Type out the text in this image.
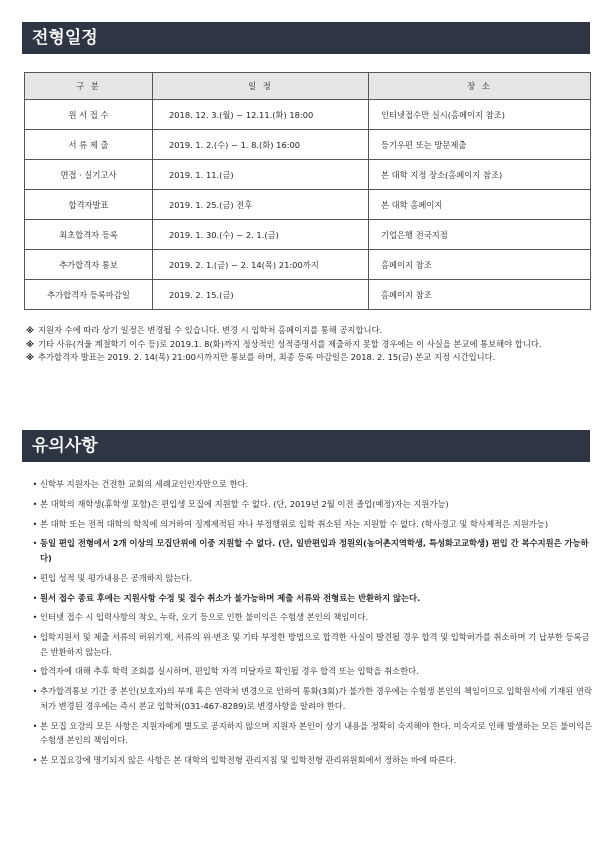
전형일정
구 분	일 정	장 소
원 서 접 수	2018. 12. 3.(월) ~ 12.11.(화) 18:00	인터넷접수만 실시(홈페이지 참조)
서 류 제 출	2019. 1. 2.(수) ~ 1. 8.(화) 16:00	등기우편 또는 방문제출
면접 · 실기고사	2019. 1. 11.(금)	본 대학 지정 장소(홈페이지 참조)
합격자발표	2019. 1. 25.(금) 전후	본 대학 홈페이지
최초합격자 등록	2019. 1. 30.(수) ~ 2. 1.(금)	기업은행 전국지점
추가합격자 통보	2019. 2. 1.(금) ~ 2. 14(목) 21:00까지	홈페이지 참조
추가합격자 등록마감일	2019. 2. 15.(금)	홈페이지 참조
※ 지원자 수에 따라 상기 일정은 변경될 수 있습니다. 변경 시 입학처 홈페이지를 통해 공지합니다.
※ 기타 사유(겨울 계절학기 이수 등)로 2019.1. 8(화)까지 정상적인 성적증명서를 제출하지 못할 경우에는 이 사실을 본교에 통보해야 합니다.
※ 추가합격자 발표는 2019. 2. 14(목) 21:00시까지만 통보를 하며, 최종 등록 마감일은 2018. 2. 15(금) 본교 지정 시간입니다.
유의사항
• 신학부 지원자는 건전한 교회의 세례교인인자만으로 한다.
• 본 대학의 재학생(휴학생 포함)은 편입생 모집에 지원할 수 없다. (단, 2019년 2월 이전 졸업(예정)자는 지원가능)
• 본 대학 또는 전적 대학의 학칙에 의거하여 징계제적된 자나 부정행위로 입학 취소된 자는 지원할 수 없다. (학사경고 및 학사제적은 지원가능)
• 동일 편입 전형에서 2개 이상의 모집단위에 이중 지원할 수 없다. (단, 일반편입과 정원외(농어촌지역학생, 특성화고교학생) 편입 간 복수지원은 가능하다)
• 편입 성적 및 평가내용은 공개하지 않는다.
• 원서 접수 종료 후에는 지원사항 수정 및 접수 취소가 불가능하며 제출 서류와 전형료는 반환하지 않는다.
• 인터넷 접수 시 입력사항의 착오, 누락, 오기 등으로 인한 불이익은 수험생 본인의 책임이다.
• 입학지원서 및 제출 서류의 허위기재, 서류의 위·변조 및 기타 부정한 방법으로 합격한 사실이 발견될 경우 합격 및 입학허가를 취소하며 기 납부한 등록금은 반환하지 않는다.
• 합격자에 대해 추후 학력 조회를 실시하며, 편입학 자격 미달자로 확인될 경우 합격 또는 입학을 취소한다.
• 추가합격통보 기간 중 본인(보호자)의 부재 혹은 연락처 변경으로 인하여 통화(3회)가 불가한 경우에는 수험생 본인의 책임이므로 입학원서에 기재된 연락처가 변경된 경우에는 즉시 본교 입학처(031-467-8289)로 변경사항을 알려야 한다.
• 본 모집 요강의 모든 사항은 지원자에게 별도로 공지하지 않으며 지원자 본인이 상기 내용을 정확히 숙지해야 한다. 미숙지로 인해 발생하는 모든 불이익은 수험생 본인의 책임이다.
• 본 모집요강에 명기되지 않은 사항은 본 대학의 입학전형 관리지침 및 입학전형 관리위원회에서 정하는 바에 따른다.
